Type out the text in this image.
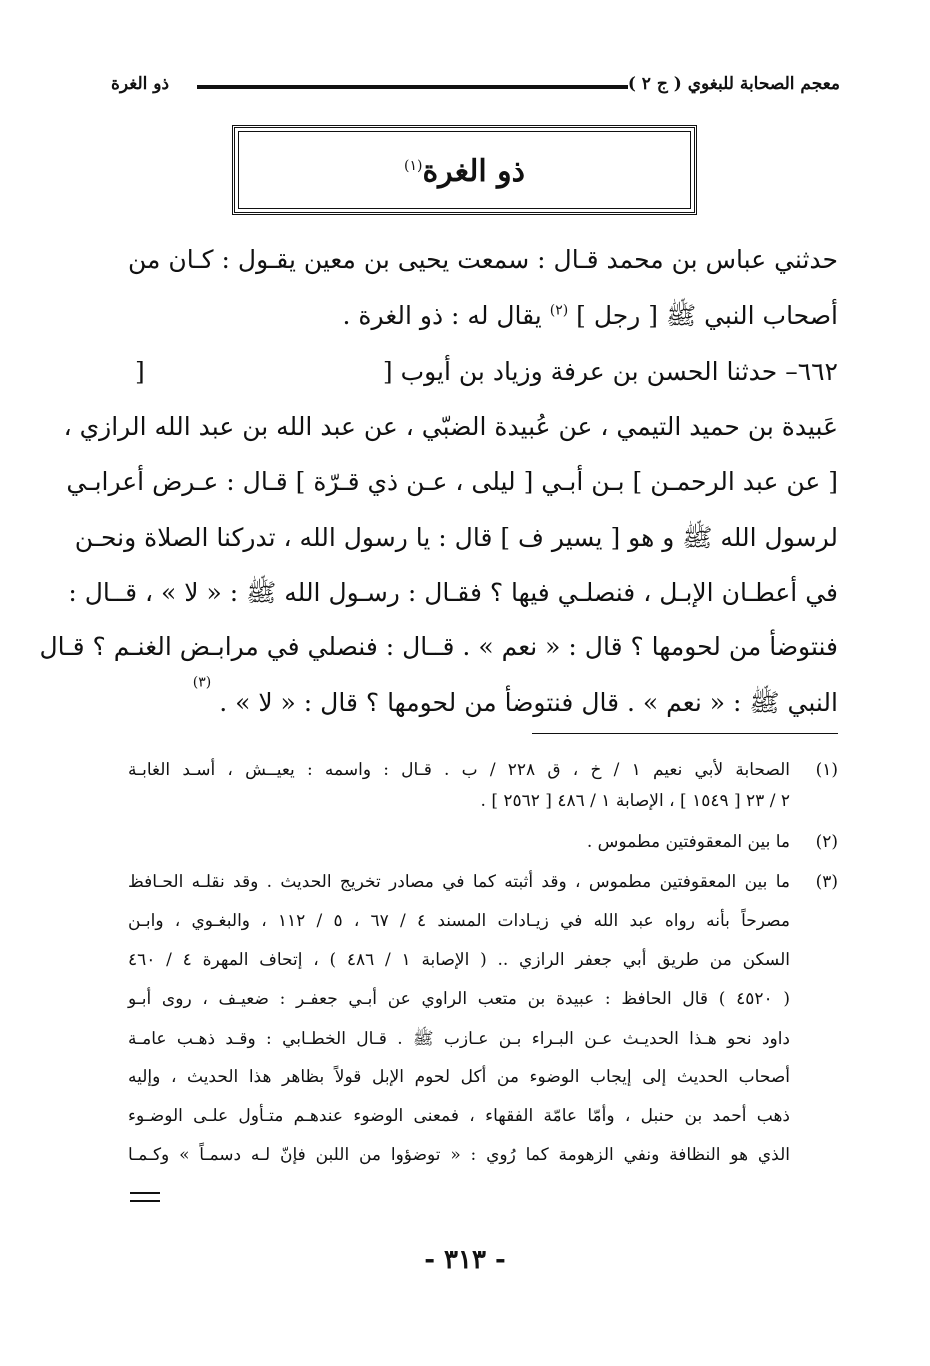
معجم الصحابة للبغوي ( ج ٢ )
ذو الغرة
ذو الغرة$^{(١)}$
حدثني عباس بن محمد قـال : سمعت يحيى بن معين يقـول : كـان من
أصحاب النبي ﷺ [ رجل ] $^{(٢)}$ يقال له : ذو الغرة .
٦٦٢– حدثنا الحسن بن عرفة وزياد بن أيوب [
عَبيدة بن حميد التيمي ، عن عُبيدة الضبّي ، عن عبد الله بن عبد الله الرازي ،
[ عن عبد الرحمـن ] بـن أبـي [ ليلى ، عـن ذي قـرّة ] قـال : عـرض أعرابـي
لرسول الله ﷺ و هو [ يسير ف ] قال : يا رسول الله ، تدركنا الصلاة ونحـن
في أعطـان الإبـل ، فنصلـي فيها ؟ فقـال : رسـول الله ﷺ : « لا » ، قــال :
فنتوضأ من لحومها ؟ قال : « نعم » . قــال : فنصلي في مرابـض الغنـم ؟ قـال
النبي ﷺ : « نعم » . قال فنتوضأ من لحومها ؟ قال : « لا » . $^{(٣)}$
]
(١)
الصحابة لأبي نعيم ١ / خ ، ق ٢٢٨ / ب . قـال : واسمه : يعيــش ، أسـد الغابـة
٢ / ٢٣ [ ١٥٤٩ ] ، الإصابة ١ / ٤٨٦ [ ٢٥٦٢ ] .
(٢)
ما بين المعقوفتين مطموس .
(٣)
ما بين المعقوفتين مطموس ، وقد أثبته كما في مصادر تخريج الحديث . وقد نقلـه الحـافظ
مصرحاً بأنه رواه عبد الله في زيـادات المسند ٤ / ٦٧ ، ٥ / ١١٢ ، والبغـوي ، وابـن
السكن من طريق أبي جعفر الرازي .. ( الإصابة ١ / ٤٨٦ ) ، إتحاف المهرة ٤ / ٤٦٠
( ٤٥٢٠ ) قال الحافظ : عبيدة بن متعب الراوي عن أبـي جعفـر : ضعيـف ، روى أبـو
داود نحو هـذا الحديـث عـن البـراء بـن عـازب ﷺ . قـال الخطـابي : وقـد ذهـب عامـة
أصحاب الحديث إلى إيجاب الوضوء من أكل لحوم الإبل قولاً بظاهر هذا الحديث ، وإليه
ذهب أحمد بن حنبل ، وأمّا عامّة الفقهاء ، فمعنى الوضوء عندهـم متـأول علـى الوضـوء
الذي هو النظافة ونفي الزهومة كما رُوي : « توضؤوا من اللبن فإنّ لـه دسمـاً » وكـمـا
- ٣١٣ -
